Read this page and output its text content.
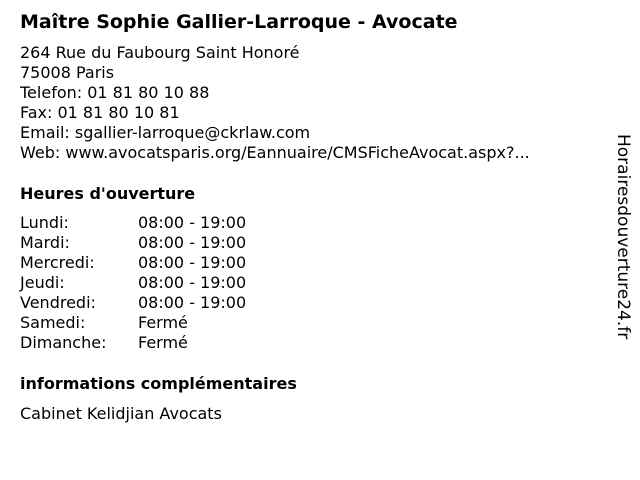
Maître Sophie Gallier-Larroque - Avocate
264 Rue du Faubourg Saint Honoré
75008 Paris
Telefon: 01 81 80 10 88
Fax: 01 81 80 10 81
Email: sgallier-larroque@ckrlaw.com
Web: www.avocatsparis.org/Eannuaire/CMSFicheAvocat.aspx?...
Heures d'ouverture
Lundi:	08:00 - 19:00
Mardi:	08:00 - 19:00
Mercredi:	08:00 - 19:00
Jeudi:	08:00 - 19:00
Vendredi:	08:00 - 19:00
Samedi:	Fermé
Dimanche: Fermé
informations complémentaires
Cabinet Kelidjian Avocats
Horairesdouverture24.fr
